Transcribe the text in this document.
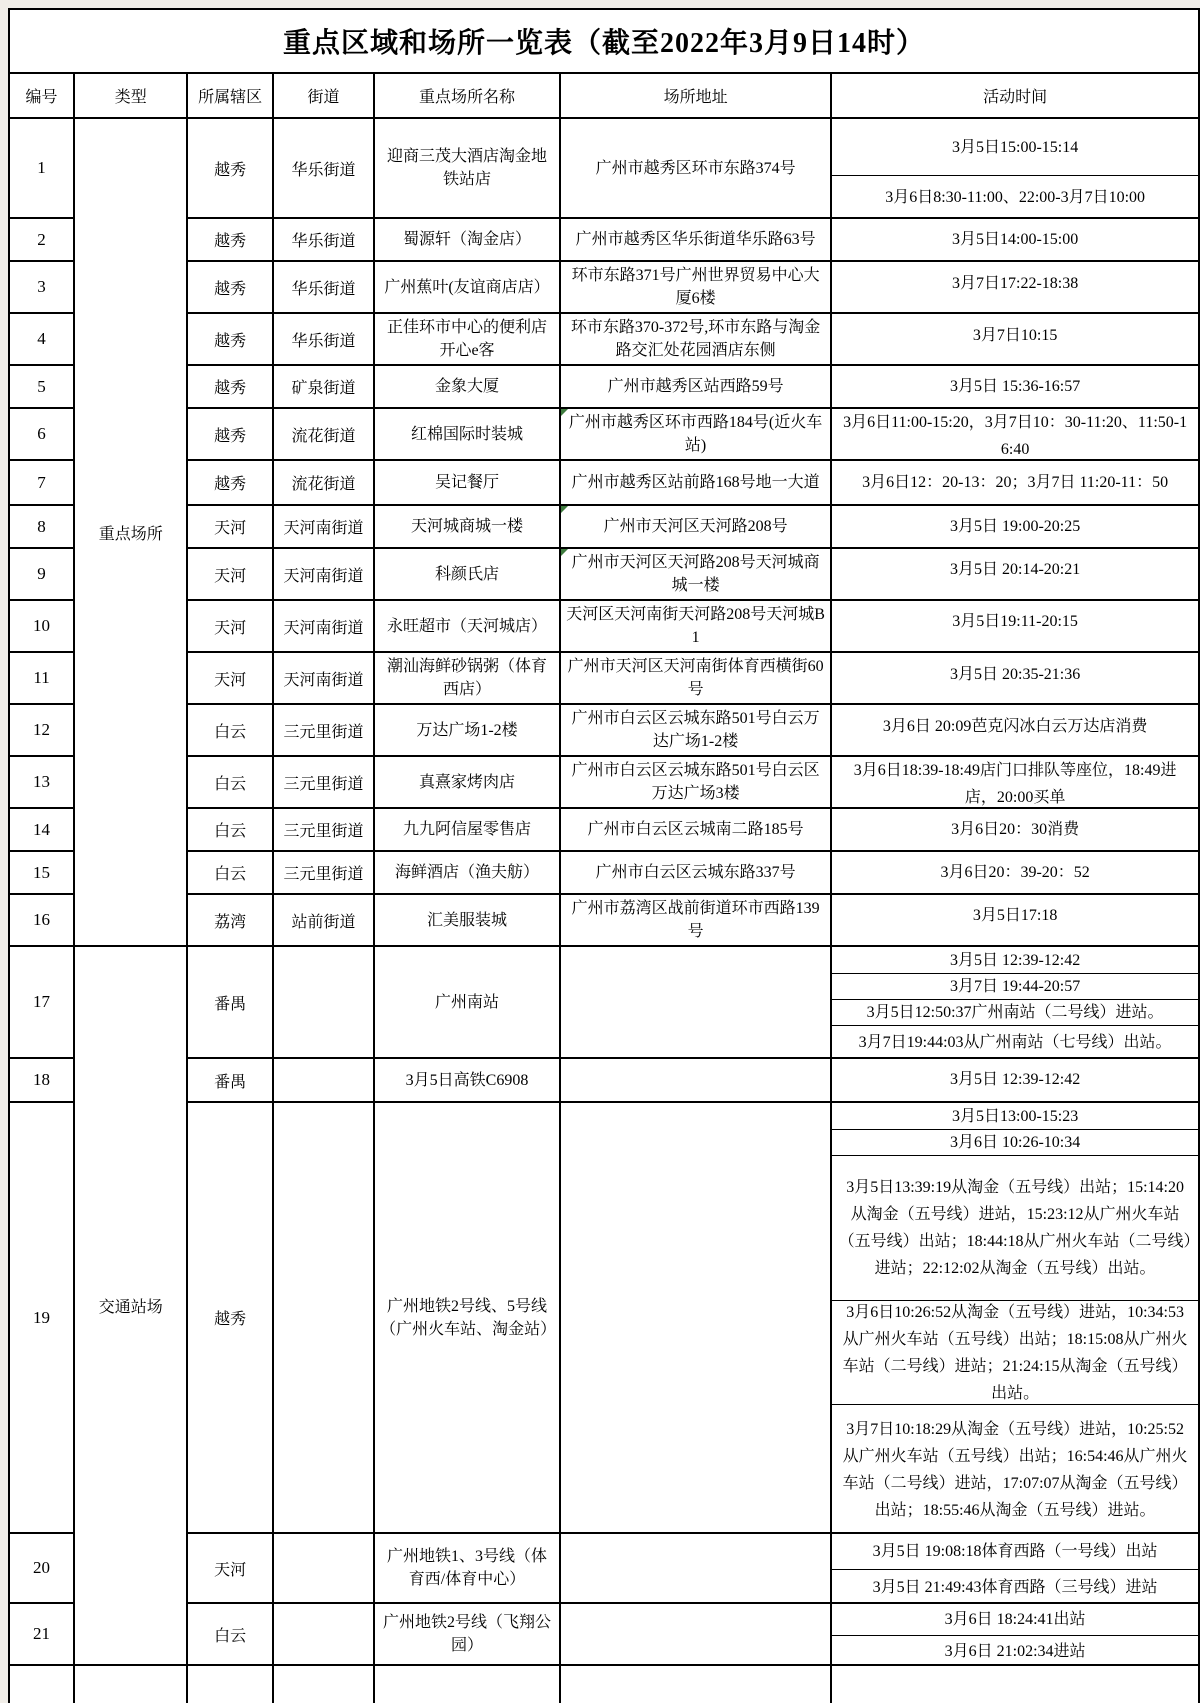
重点区域和场所一览表（截至2022年3月9日14时）						
编号	类型	所属辖区	街道	重点场所名称	场所地址	活动时间
1	重点场所	越秀	华乐街道	迎商三茂大酒店淘金地铁站店	广州市越秀区环市东路374号	3月5日15:00-15:14
3月6日8:30-11:00、22:00-3月7日10:00

2		越秀	华乐街道	蜀源轩（淘金店）	广州市越秀区华乐街道华乐路63号	3月5日14:00-15:00

3		越秀	华乐街道	广州蕉叶(友谊商店店）	环市东路371号广州世界贸易中心大厦6楼	3月7日17:22-18:38

4		越秀	华乐街道	正佳环市中心的便利店开心e客	环市东路370-372号,环市东路与淘金路交汇处花园酒店东侧	3月7日10:15

5		越秀	矿泉街道	金象大厦	广州市越秀区站西路59号	3月5日 15:36-16:57

6		越秀	流花街道	红棉国际时装城	广州市越秀区环市西路184号(近火车站)	3月6日11:00-15:20，3月7日10：30-11:20、11:50-16:40

7		越秀	流花街道	吴记餐厅	广州市越秀区站前路168号地一大道	3月6日12：20-13：20；3月7日 11:20-11：50

8		天河	天河南街道	天河城商城一楼	广州市天河区天河路208号	3月5日 19:00-20:25

9		天河	天河南街道	科颜氏店	广州市天河区天河路208号天河城商城一楼	3月5日 20:14-20:21

10		天河	天河南街道	永旺超市（天河城店）	天河区天河南街天河路208号天河城B1	3月5日19:11-20:15

11		天河	天河南街道	潮汕海鲜砂锅粥（体育西店）	广州市天河区天河南街体育西横街60号	3月5日 20:35-21:36

12		白云	三元里街道	万达广场1-2楼	广州市白云区云城东路501号白云万达广场1-2楼	3月6日 20:09芭克闪冰白云万达店消费

13		白云	三元里街道	真熹家烤肉店	广州市白云区云城东路501号白云区万达广场3楼	3月6日18:39-18:49店门口排队等座位，18:49进店，20:00买单

14		白云	三元里街道	九九阿信屋零售店	广州市白云区云城南二路185号	3月6日20：30消费

15		白云	三元里街道	海鲜酒店（渔夫舫）	广州市白云区云城东路337号	3月6日20：39-20：52

16		荔湾	站前街道	汇美服装城	广州市荔湾区战前街道环市西路139号	3月5日17:18

17	交通站场	番禺		广州南站		3月5日 12:39-12:42
3月7日 19:44-20:57
3月5日12:50:37广州南站（二号线）进站。
3月7日19:44:03从广州南站（七号线）出站。

18		番禺		3月5日高铁C6908		3月5日 12:39-12:42

19		越秀		广州地铁2号线、5号线（广州火车站、淘金站）		3月5日13:00-15:23
3月6日 10:26-10:34
3月5日13:39:19从淘金（五号线）出站；15:14:20从淘金（五号线）进站，15:23:12从广州火车站（五号线）出站；18:44:18从广州火车站（二号线）进站；22:12:02从淘金（五号线）出站。
3月6日10:26:52从淘金（五号线）进站，10:34:53从广州火车站（五号线）出站；18:15:08从广州火车站（二号线）进站；21:24:15从淘金（五号线）出站。
3月7日10:18:29从淘金（五号线）进站，10:25:52从广州火车站（五号线）出站；16:54:46从广州火车站（二号线）进站，17:07:07从淘金（五号线）出站；18:55:46从淘金（五号线）进站。

20		天河		广州地铁1、3号线（体育西/体育中心）		3月5日 19:08:18体育西路（一号线）出站
3月5日 21:49:43体育西路（三号线）进站

21		白云		广州地铁2号线（飞翔公园）		3月6日 18:24:41出站
3月6日 21:02:34进站
